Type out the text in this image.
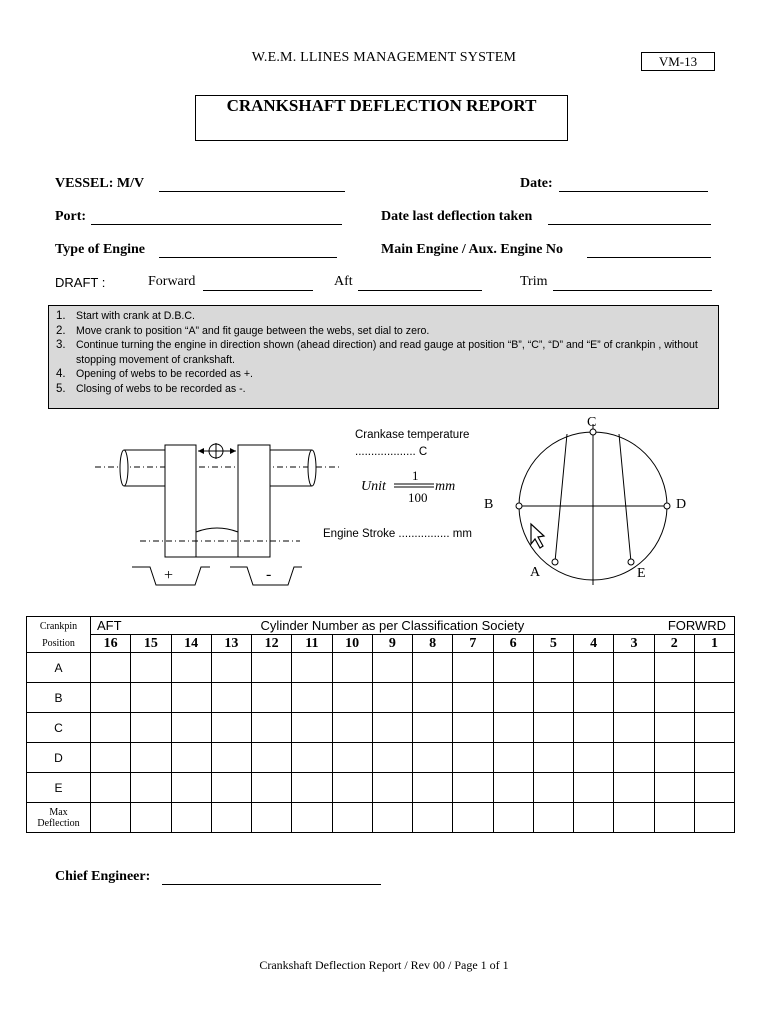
W.E.M. LLINES MANAGEMENT SYSTEM	VM-13
CRANKSHAFT DEFLECTION REPORT
VESSEL: M/V	Date:
Port:	Date last deflection taken
Type of Engine	Main Engine / Aux. Engine No
DRAFT :	Forward	Aft	Trim
1. Start with crank at D.B.C.
2. Move crank to position “A” and fit gauge between the webs, set dial to zero.
3. Continue turning the engine in direction shown (ahead direction) and read gauge at position “B”, “C”, “D” and “E” of crankpin , without stopping movement of crankshaft.
4. Opening of webs to be recorded as +.
5. Closing of webs to be recorded as -.
+	-
Crankase temperature
................... C
Unit
1
100
mm
Engine Stroke ................ mm
C
B	D
A	E
Crankpin
Position	AFT		Cylinder Number as per Classification Society											FORWRD		
	16	15	14	13	12	11	10	9	8	7	6	5	4	3	2	1
A																
B																
C																
D																
E																

Max
Deflection																

Chief Engineer:
Crankshaft Deflection Report / Rev 00 / Page 1 of 1
